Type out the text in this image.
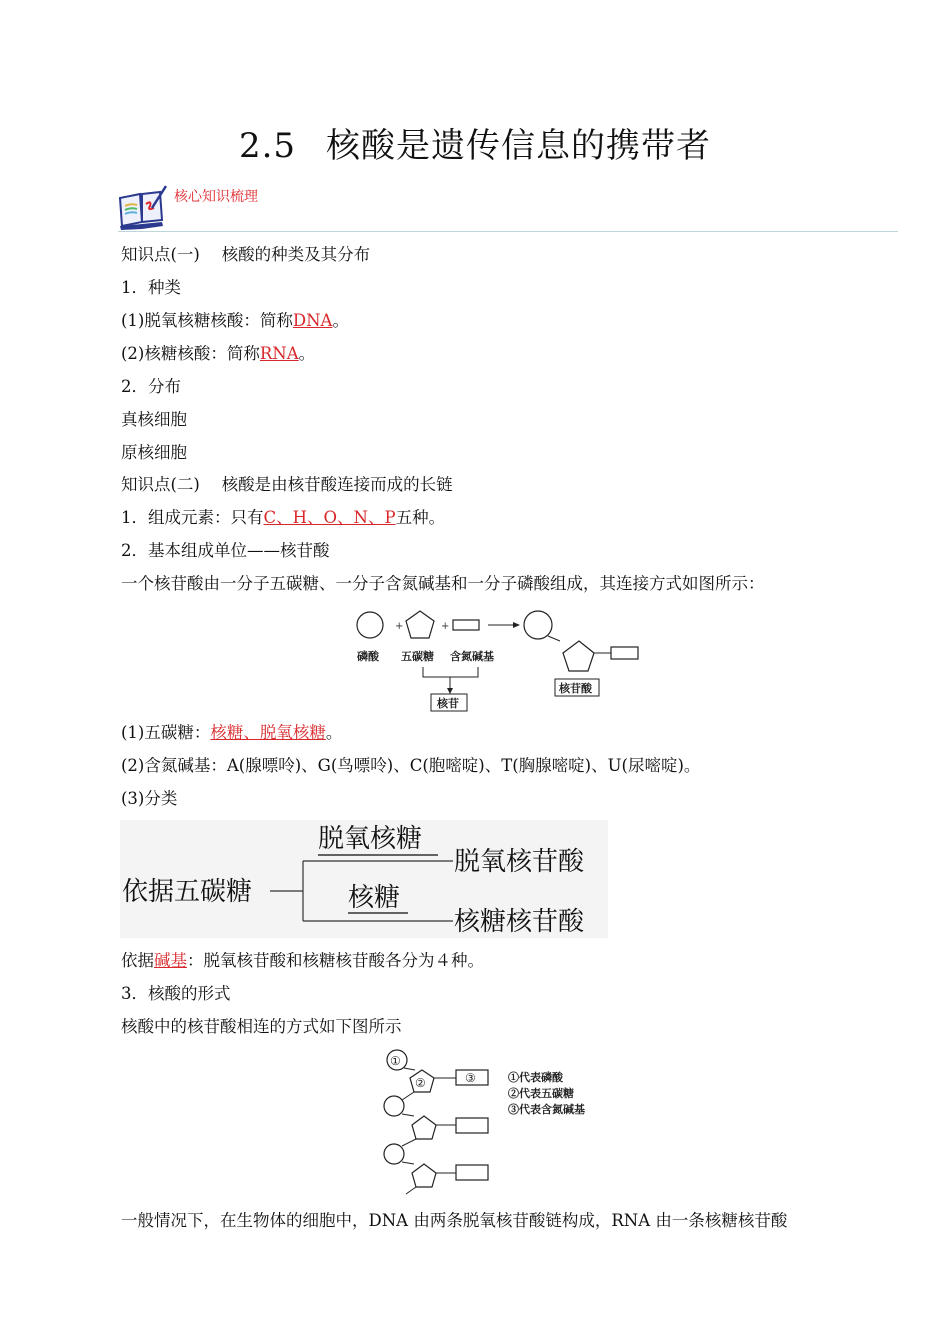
2.5 核酸是遗传信息的携带者
核心知识梳理
知识点(一)　 核酸的种类及其分布
1．种类
(1)脱氧核糖核酸：简称DNA。
(2)核糖核酸：简称RNA。
2．分布
真核细胞
原核细胞
知识点(二)　 核酸是由核苷酸连接而成的长链
1．组成元素：只有C、H、O、N、P五种。
2．基本组成单位——核苷酸
一个核苷酸由一分子五碳糖、一分子含氮碱基和一分子磷酸组成，其连接方式如图所示：
+	+
磷酸 五碳糖 含氮碱基
核苷
核苷酸
(1)五碳糖：核糖、脱氧核糖。
(2)含氮碱基：A(腺嘌呤)、G(鸟嘌呤)、C(胞嘧啶)、T(胸腺嘧啶)、U(尿嘧啶)。
(3)分类
依据五碳糖
脱氧核糖
脱氧核苷酸
核糖
核糖核苷酸
依据碱基：脱氧核苷酸和核糖核苷酸各分为４种。
3．核酸的形式
核酸中的核苷酸相连的方式如下图所示
①
②	③	①代表磷酸
②代表五碳糖
③代表含氮碱基
一般情况下，在生物体的细胞中，DNA 由两条脱氧核苷酸链构成，RNA 由一条核糖核苷酸
